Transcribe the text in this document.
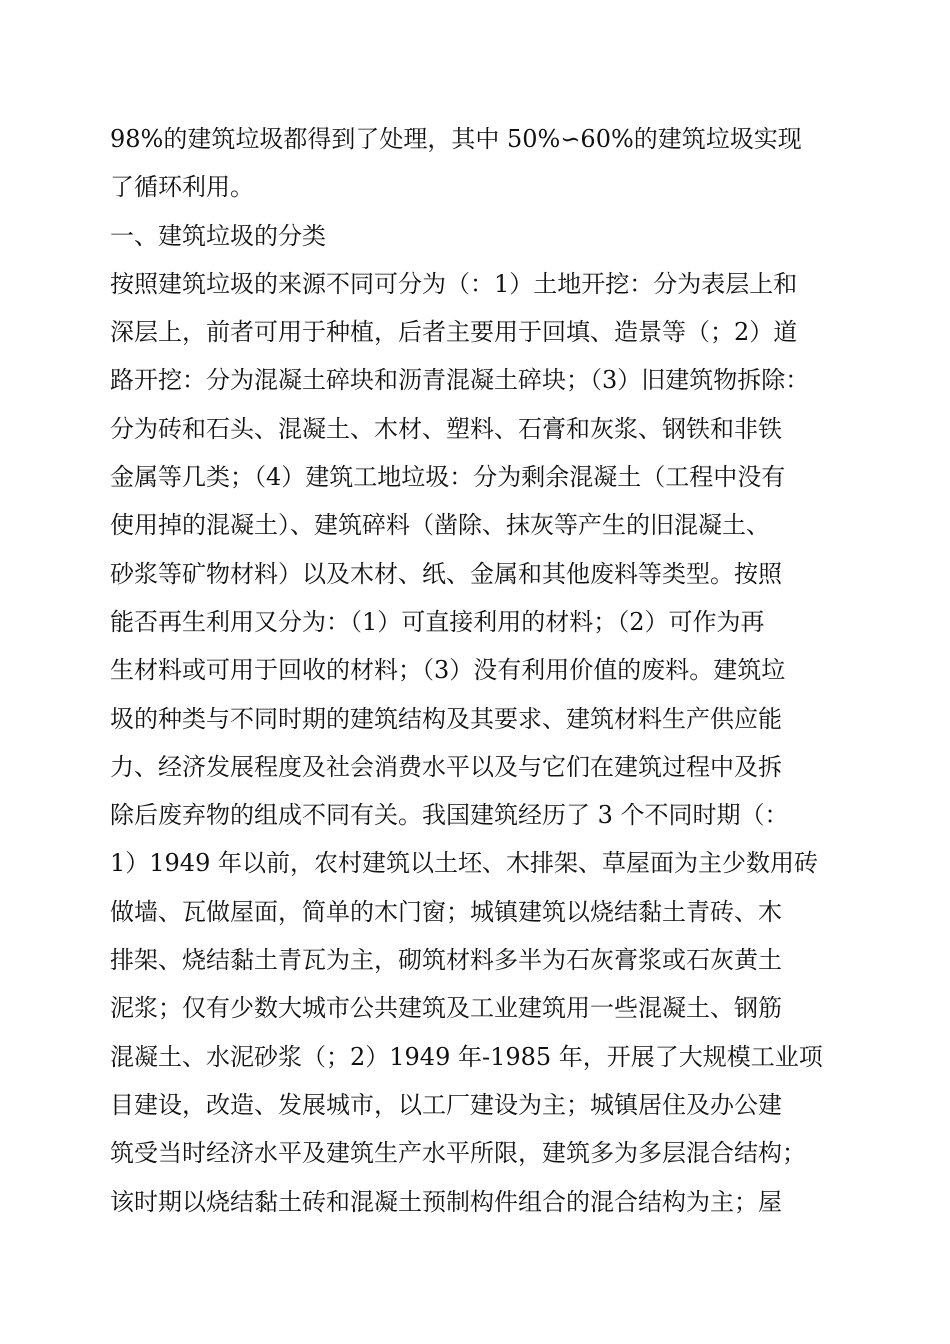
98%的建筑垃圾都得到了处理，其中 50%∽60%的建筑垃圾实现
了循环利用。
一、建筑垃圾的分类
按照建筑垃圾的来源不同可分为（：1）土地开挖：分为表层上和
深层上，前者可用于种植，后者主要用于回填、造景等（；2）道
路开挖：分为混凝土碎块和沥青混凝土碎块；（3）旧建筑物拆除：
分为砖和石头、混凝土、木材、塑料、石膏和灰浆、钢铁和非铁
金属等几类；（4）建筑工地垃圾：分为剩余混凝土（工程中没有
使用掉的混凝土）、建筑碎料（凿除、抹灰等产生的旧混凝土、
砂浆等矿物材料）以及木材、纸、金属和其他废料等类型。按照
能否再生利用又分为：（1）可直接利用的材料；（2）可作为再
生材料或可用于回收的材料；（3）没有利用价值的废料。建筑垃
圾的种类与不同时期的建筑结构及其要求、建筑材料生产供应能
力、经济发展程度及社会消费水平以及与它们在建筑过程中及拆
除后废弃物的组成不同有关。我国建筑经历了 3 个不同时期（：
1）1949 年以前，农村建筑以土坯、木排架、草屋面为主少数用砖
做墙、瓦做屋面，简单的木门窗；城镇建筑以烧结黏土青砖、木
排架、烧结黏土青瓦为主，砌筑材料多半为石灰膏浆或石灰黄土
泥浆；仅有少数大城市公共建筑及工业建筑用一些混凝土、钢筋
混凝土、水泥砂浆（；2）1949 年-1985 年，开展了大规模工业项
目建设，改造、发展城市，以工厂建设为主；城镇居住及办公建
筑受当时经济水平及建筑生产水平所限，建筑多为多层混合结构；
该时期以烧结黏土砖和混凝土预制构件组合的混合结构为主；屋
